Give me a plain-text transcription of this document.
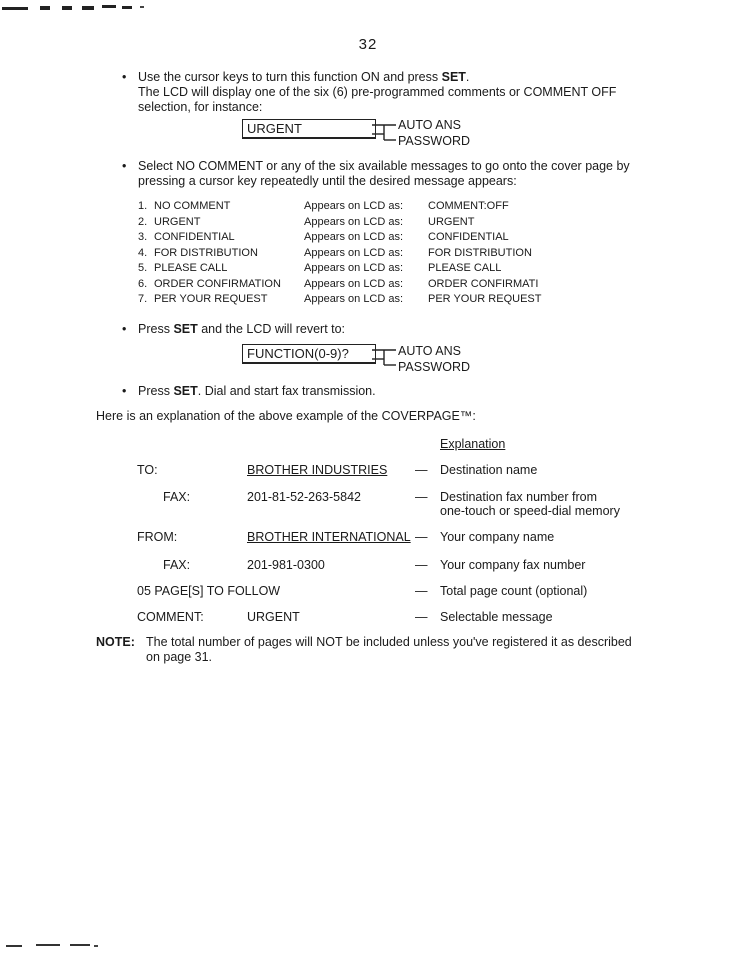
32
• Use the cursor keys to turn this function ON and press SET.
The LCD will display one of the six (6) pre-programmed comments or COMMENT OFF selection, for instance:
URGENT	AUTO ANS
PASSWORD
• Select NO COMMENT or any of the six available messages to go onto the cover page by pressing a cursor key repeatedly until the desired message appears:
1.	NO COMMENT	Appears on LCD as:	COMMENT:OFF
2.	URGENT	Appears on LCD as:	URGENT
3.	CONFIDENTIAL	Appears on LCD as:	CONFIDENTIAL
4.	FOR DISTRIBUTION	Appears on LCD as:	FOR DISTRIBUTION
5.	PLEASE CALL	Appears on LCD as:	PLEASE CALL
6.	ORDER CONFIRMATION	Appears on LCD as:	ORDER CONFIRMATI
7.	PER YOUR REQUEST	Appears on LCD as:	PER YOUR REQUEST
• Press SET and the LCD will revert to:
FUNCTION(0-9)?	AUTO ANS
PASSWORD
• Press SET. Dial and start fax transmission.
Here is an explanation of the above example of the COVERPAGE™:
Explanation
TO:	BROTHER INDUSTRIES — Destination name
FAX:	201-81-52-263-5842	— Destination fax number from
one-touch or speed-dial memory
FROM:	BROTHER INTERNATIONAL — Your company name
FAX:	201-981-0300	— Your company fax number
05 PAGE[S] TO FOLLOW	— Total page count (optional)
COMMENT:	URGENT	— Selectable message
NOTE: The total number of pages will NOT be included unless you've registered it as described on page 31.
